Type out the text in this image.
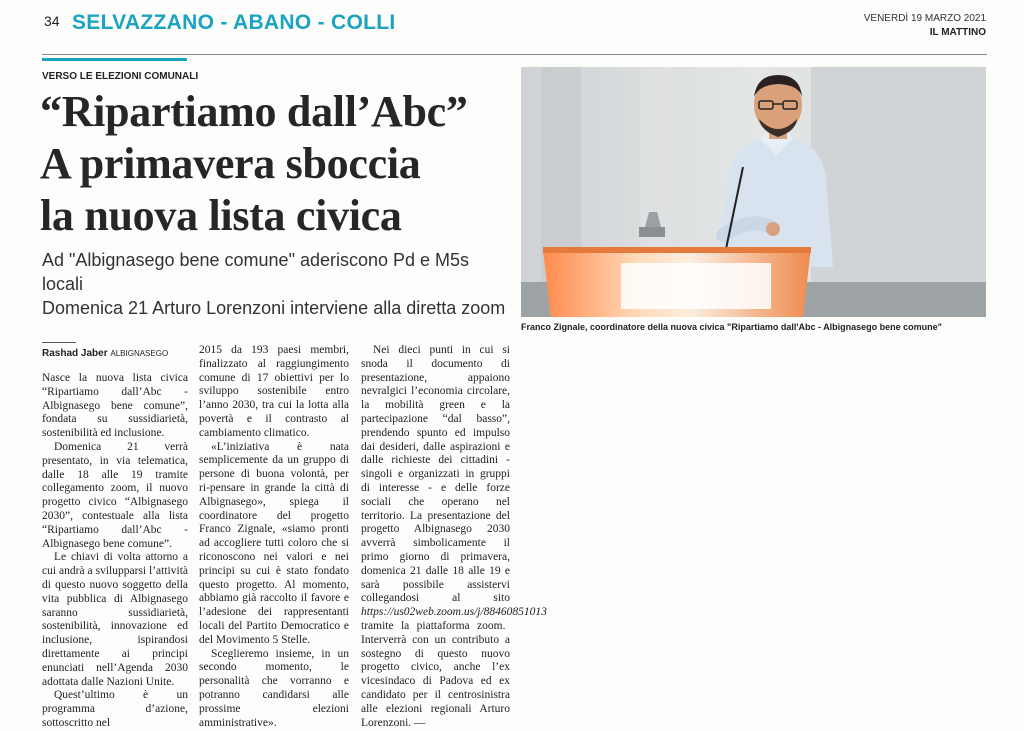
34 SELVAZZANO - ABANO - COLLI	VENERDÌ 19 MARZO 2021
IL MATTINO
VERSO LE ELEZIONI COMUNALI
“Ripartiamo dall’Abc”
A primavera sboccia
la nuova lista civica
Ad "Albignasego bene comune" aderiscono Pd e M5s locali
Domenica 21 Arturo Lorenzoni interviene alla diretta zoom
Franco Zignale, coordinatore della nuova civica "Ripartiamo dall'Abc - Albignasego bene comune"
Rashad Jaber ALBIGNASEGO

Nasce la nuova lista civica “Ripartiamo dall’Abc - Albignasego bene comune”, fondata su sussidiarietà, sostenibilità ed inclusione.

Domenica 21 verrà presentato, in via telematica, dalle 18 alle 19 tramite collegamento zoom, il nuovo progetto civico “Albignasego 2030”, contestuale alla lista “Ripartiamo dall’Abc - Albignasego bene comune”.

Le chiavi di volta attorno a cui andrà a svilupparsi l’attività di questo nuovo soggetto della vita pubblica di Albignasego saranno sussidiarietà, sostenibilità, innovazione ed inclusione, ispirandosi direttamente ai principi enunciati nell’Agenda 2030 adottata dalle Nazioni Unite.

Quest’ultimo è un programma d’azione, sottoscritto nel

2015 da 193 paesi membri, finalizzato al raggiungimento comune di 17 obiettivi per lo sviluppo sostenibile entro l’anno 2030, tra cui la lotta alla povertà e il contrasto al cambiamento climatico.

«L’iniziativa è nata semplicemente da un gruppo di persone di buona volontà, per ri-pensare in grande la città di Albignasego», spiega il coordinatore del progetto Franco Zignale, «siamo pronti ad accogliere tutti coloro che si riconoscono nei valori e nei principi su cui è stato fondato questo progetto. Al momento, abbiamo già raccolto il favore e l’adesione dei rappresentanti locali del Partito Democratico e del Movimento 5 Stelle.

Sceglieremo insieme, in un secondo momento, le personalità che vorranno e potranno candidarsi alle prossime elezioni amministrative».

Nei dieci punti in cui si snoda il documento di presentazione, appaiono nevralgici l’economia circolare, la mobilità green e la partecipazione “dal basso”, prendendo spunto ed impulso dai desideri, dalle aspirazioni e dalle richieste dei cittadini - singoli e organizzati in gruppi di interesse - e delle forze sociali che operano nel territorio. La presentazione del progetto Albignasego 2030 avverrà simbolicamente il primo giorno di primavera, domenica 21 dalle 18 alle 19 e sarà possibile assistervi collegandosi al sito https://us02web.zoom.us/j/88460851013 tramite la piattaforma zoom. Interverrà con un contributo a sostegno di questo nuovo progetto civico, anche l’ex vicesindaco di Padova ed ex candidato per il centrosinistra alle elezioni regionali Arturo Lorenzoni. —
